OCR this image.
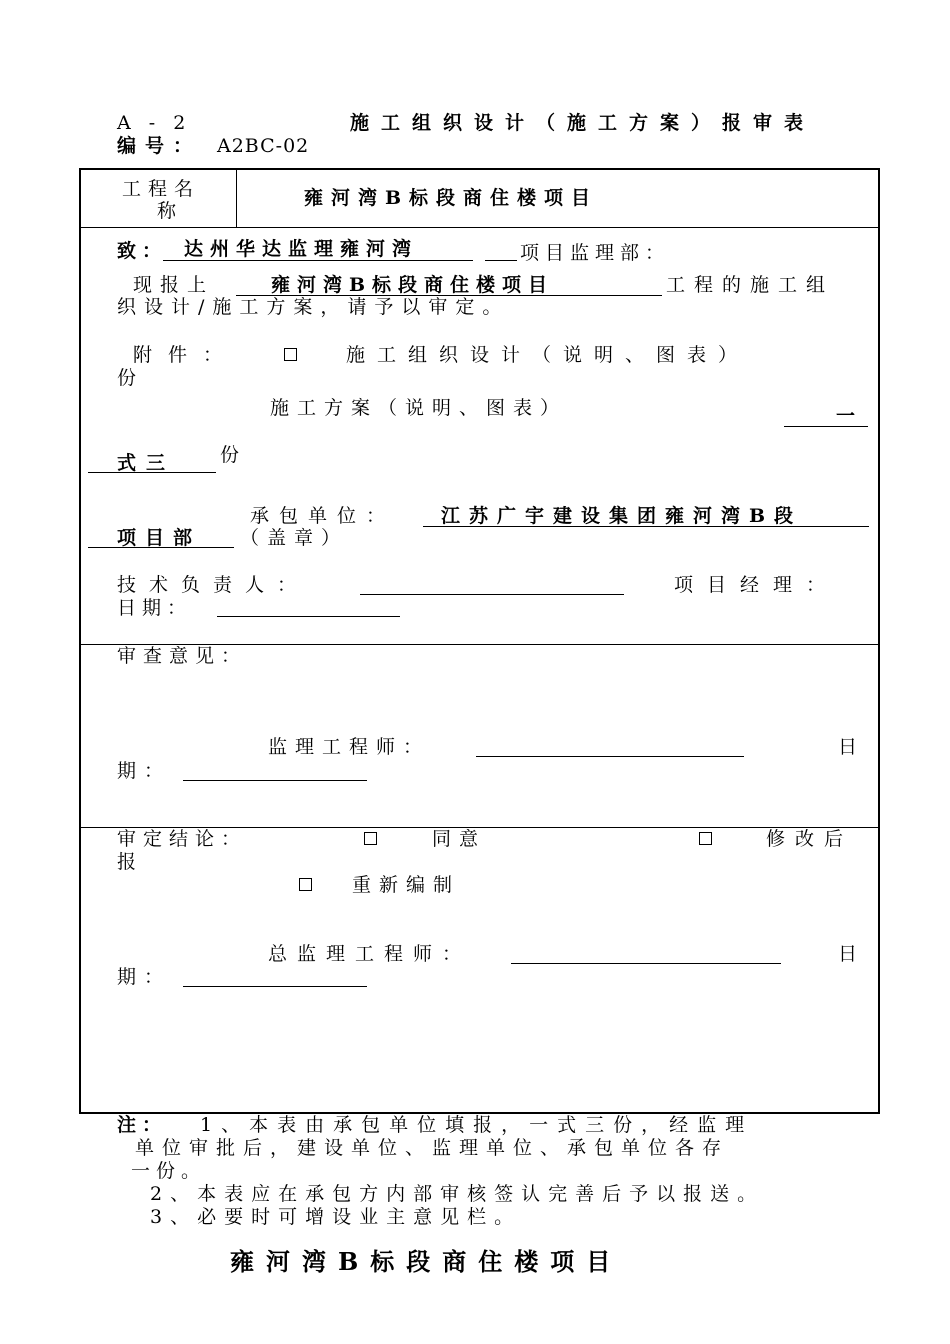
A - 2	施工组织设计（施工方案）报审表
编号： A2BC-02
工程名
称
雍河湾B标段商住楼项目
致： 达州华达监理雍河湾	项目监理部：
现报上	雍河湾B标段商住楼项目	工程的施工组
织设计/施工方案，请予以审定。
附件：	施工组织设计（说明、图表）
份
施工方案（说明、图表）	一
式三 份
承包单位： 江苏广宇建设集团雍河湾B段
项目部 （盖章）
技术负责人：	项目经理：
日期：
审查意见：
监理工程师：	日
期：
审定结论：	同意	修改后
报
重新编制
总监理工程师：	日
期：
注： 1、本表由承包单位填报，一式三份，经监理
单位审批后，建设单位、监理单位、承包单位各存
一份。
2、本表应在承包方内部审核签认完善后予以报送。
3、必要时可增设业主意见栏。
雍河湾B标段商住楼项目
